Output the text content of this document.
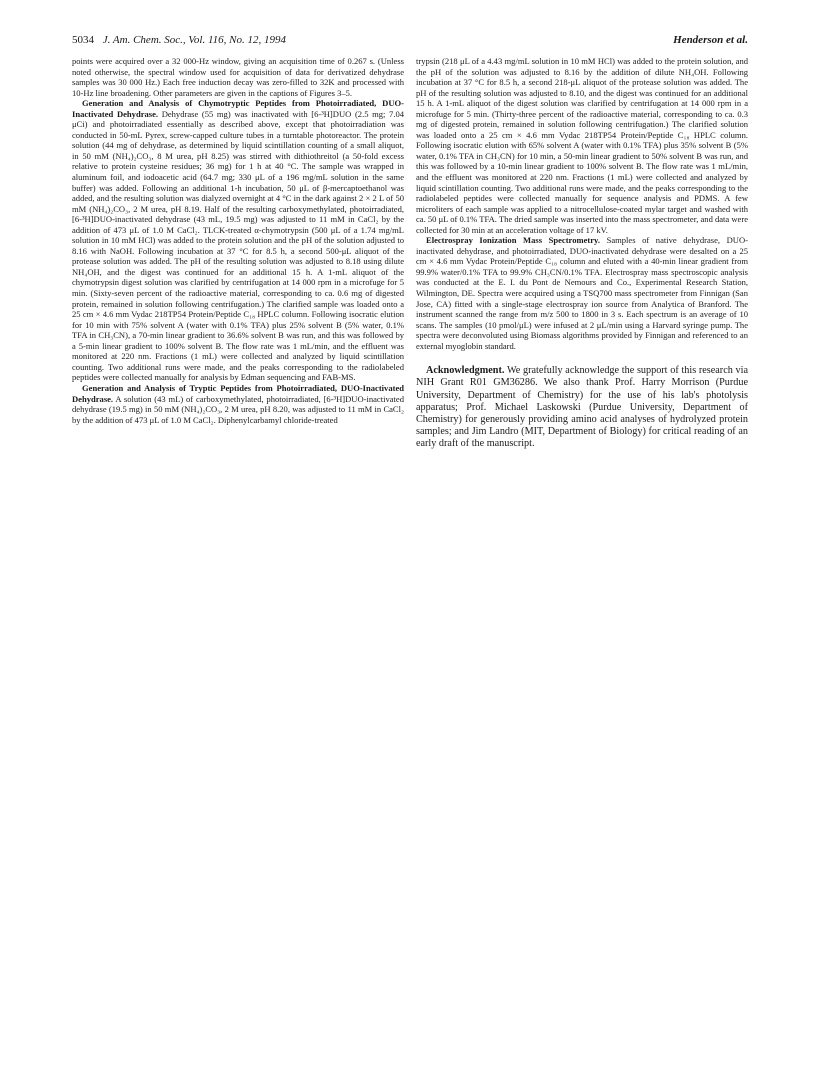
5034 J. Am. Chem. Soc., Vol. 116, No. 12, 1994	Henderson et al.

points were acquired over a 32 000-Hz window, giving an acquisition time of 0.267 s. (Unless noted otherwise, the spectral window used for acquisition of data for derivatized dehydrase samples was 30 000 Hz.) Each free induction decay was zero-filled to 32K and processed with 10-Hz line broadening. Other parameters are given in the captions of Figures 3–5.

Generation and Analysis of Chymotryptic Peptides from Photoirradiated, DUO-Inactivated Dehydrase. Dehydrase (55 mg) was inactivated with [6-³H]DUO (2.5 mg; 7.04 μCi) and photoirradiated essentially as described above, except that photoirradiation was conducted in 50-mL Pyrex, screw-capped culture tubes in a turntable photoreactor. The protein solution (44 mg of dehydrase, as determined by liquid scintillation counting of a small aliquot, in 50 mM (NH₄)₂CO₃, 8 M urea, pH 8.25) was stirred with dithiothreitol (a 50-fold excess relative to protein cysteine residues; 36 mg) for 1 h at 40 °C. The sample was wrapped in aluminum foil, and iodoacetic acid (64.7 mg; 330 μL of a 196 mg/mL solution in the same buffer) was added. Following an additional 1-h incubation, 50 μL of β-mercaptoethanol was added, and the resulting solution was dialyzed overnight at 4 °C in the dark against 2 × 2 L of 50 mM (NH₄)₂CO₃, 2 M urea, pH 8.19. Half of the resulting carboxymethylated, photoirradiated, [6-³H]DUO-inactivated dehydrase (43 mL, 19.5 mg) was adjusted to 11 mM in CaCl₂ by the addition of 473 μL of 1.0 M CaCl₂. TLCK-treated α-chymotrypsin (500 μL of a 1.74 mg/mL solution in 10 mM HCl) was added to the protein solution and the pH of the solution adjusted to 8.16 with NaOH. Following incubation at 37 °C for 8.5 h, a second 500-μL aliquot of the protease solution was added. The pH of the resulting solution was adjusted to 8.18 using dilute NH₄OH, and the digest was continued for an additional 15 h. A 1-mL aliquot of the chymotrypsin digest solution was clarified by centrifugation at 14 000 rpm in a microfuge for 5 min. (Sixty-seven percent of the radioactive material, corresponding to ca. 0.6 mg of digested protein, remained in solution following centrifugation.) The clarified sample was loaded onto a 25 cm × 4.6 mm Vydac 218TP54 Protein/Peptide C₁₈ HPLC column. Following isocratic elution for 10 min with 75% solvent A (water with 0.1% TFA) plus 25% solvent B (5% water, 0.1% TFA in CH₃CN), a 70-min linear gradient to 36.6% solvent B was run, and this was followed by a 5-min linear gradient to 100% solvent B. The flow rate was 1 mL/min, and the effluent was monitored at 220 nm. Fractions (1 mL) were collected and analyzed by liquid scintillation counting. Two additional runs were made, and the peaks corresponding to the radiolabeled peptides were collected manually for analysis by Edman sequencing and FAB-MS.

Generation and Analysis of Tryptic Peptides from Photoirradiated, DUO-Inactivated Dehydrase. A solution (43 mL) of carboxymethylated, photoirradiated, [6-³H]DUO-inactivated dehydrase (19.5 mg) in 50 mM (NH₄)₂CO₃, 2 M urea, pH 8.20, was adjusted to 11 mM in CaCl₂ by the addition of 473 μL of 1.0 M CaCl₂. Diphenylcarbamyl chloride-treated

trypsin (218 μL of a 4.43 mg/mL solution in 10 mM HCl) was added to the protein solution, and the pH of the solution was adjusted to 8.16 by the addition of dilute NH₄OH. Following incubation at 37 °C for 8.5 h, a second 218-μL aliquot of the protease solution was added. The pH of the resulting solution was adjusted to 8.10, and the digest was continued for an additional 15 h. A 1-mL aliquot of the digest solution was clarified by centrifugation at 14 000 rpm in a microfuge for 5 min. (Thirty-three percent of the radioactive material, corresponding to ca. 0.3 mg of digested protein, remained in solution following centrifugation.) The clarified solution was loaded onto a 25 cm × 4.6 mm Vydac 218TP54 Protein/Peptide C₁₈ HPLC column. Following isocratic elution with 65% solvent A (water with 0.1% TFA) plus 35% solvent B (5% water, 0.1% TFA in CH₃CN) for 10 min, a 50-min linear gradient to 50% solvent B was run, and this was followed by a 10-min linear gradient to 100% solvent B. The flow rate was 1 mL/min, and the effluent was monitored at 220 nm. Fractions (1 mL) were collected and analyzed by liquid scintillation counting. Two additional runs were made, and the peaks corresponding to the radiolabeled peptides were collected manually for sequence analysis and PDMS. A few microliters of each sample was applied to a nitrocellulose-coated mylar target and washed with ca. 50 μL of 0.1% TFA. The dried sample was inserted into the mass spectrometer, and data were collected for 30 min at an acceleration voltage of 17 kV.

Electrospray Ionization Mass Spectrometry. Samples of native dehydrase, DUO-inactivated dehydrase, and photoirradiated, DUO-inactivated dehydrase were desalted on a 25 cm × 4.6 mm Vydac Protein/Peptide C₁₈ column and eluted with a 40-min linear gradient from 99.9% water/0.1% TFA to 99.9% CH₃CN/0.1% TFA. Electrospray mass spectroscopic analysis was conducted at the E. I. du Pont de Nemours and Co., Experimental Research Station, Wilmington, DE. Spectra were acquired using a TSQ700 mass spectrometer from Finnigan (San Jose, CA) fitted with a single-stage electrospray ion source from Analytica of Branford. The instrument scanned the range from m/z 500 to 1800 in 3 s. Each spectrum is an average of 10 scans. The samples (10 pmol/μL) were infused at 2 μL/min using a Harvard syringe pump. The spectra were deconvoluted using Biomass algorithms provided by Finnigan and referenced to an external myoglobin standard.

Acknowledgment. We gratefully acknowledge the support of this research via NIH Grant R01 GM36286. We also thank Prof. Harry Morrison (Purdue University, Department of Chemistry) for the use of his lab's photolysis apparatus; Prof. Michael Laskowski (Purdue University, Department of Chemistry) for generously providing amino acid analyses of hydrolyzed protein samples; and Jim Landro (MIT, Department of Biology) for critical reading of an early draft of the manuscript.
